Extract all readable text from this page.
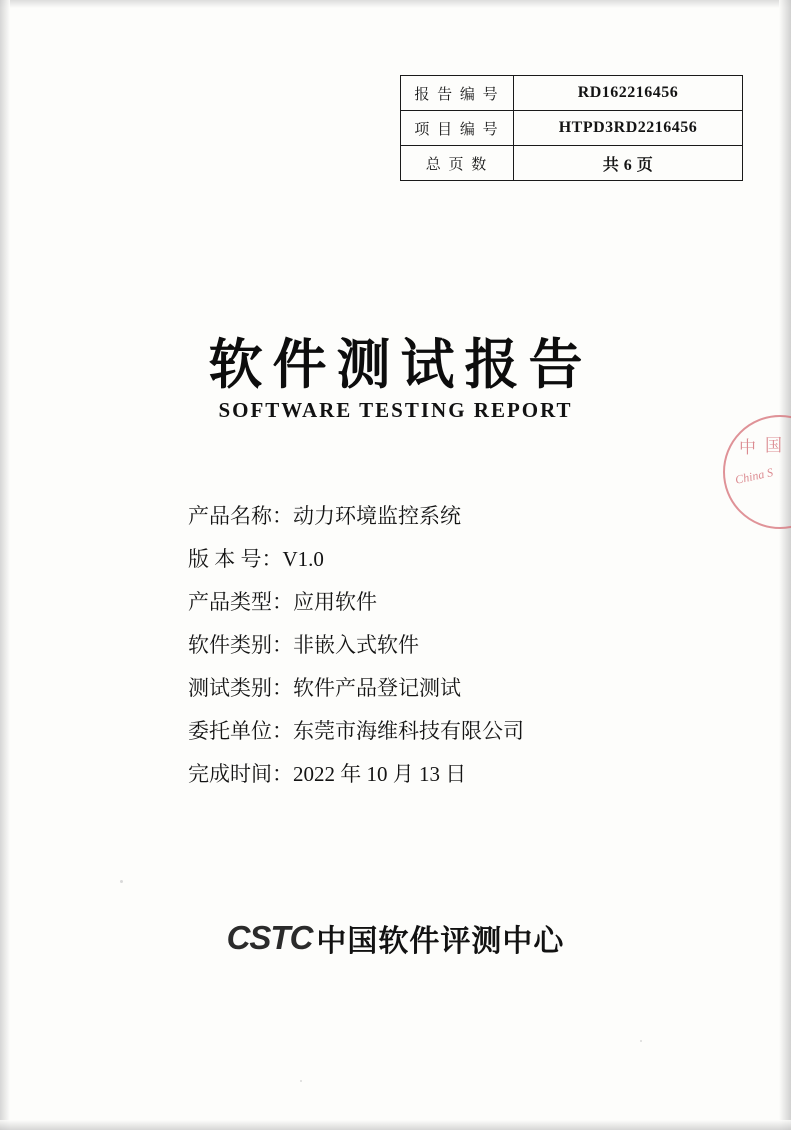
报 告 编 号	RD162216456
项 目 编 号	HTPD3RD2216456
总 页 数	共 6 页
软件测试报告
SOFTWARE TESTING REPORT
中 国
China S
产品名称： 动力环境监控系统
版 本 号： V1.0
产品类型： 应用软件
软件类别： 非嵌入式软件
测试类别： 软件产品登记测试
委托单位： 东莞市海维科技有限公司
完成时间： 2022 年 10 月 13 日
CSTC 中国软件评测中心
